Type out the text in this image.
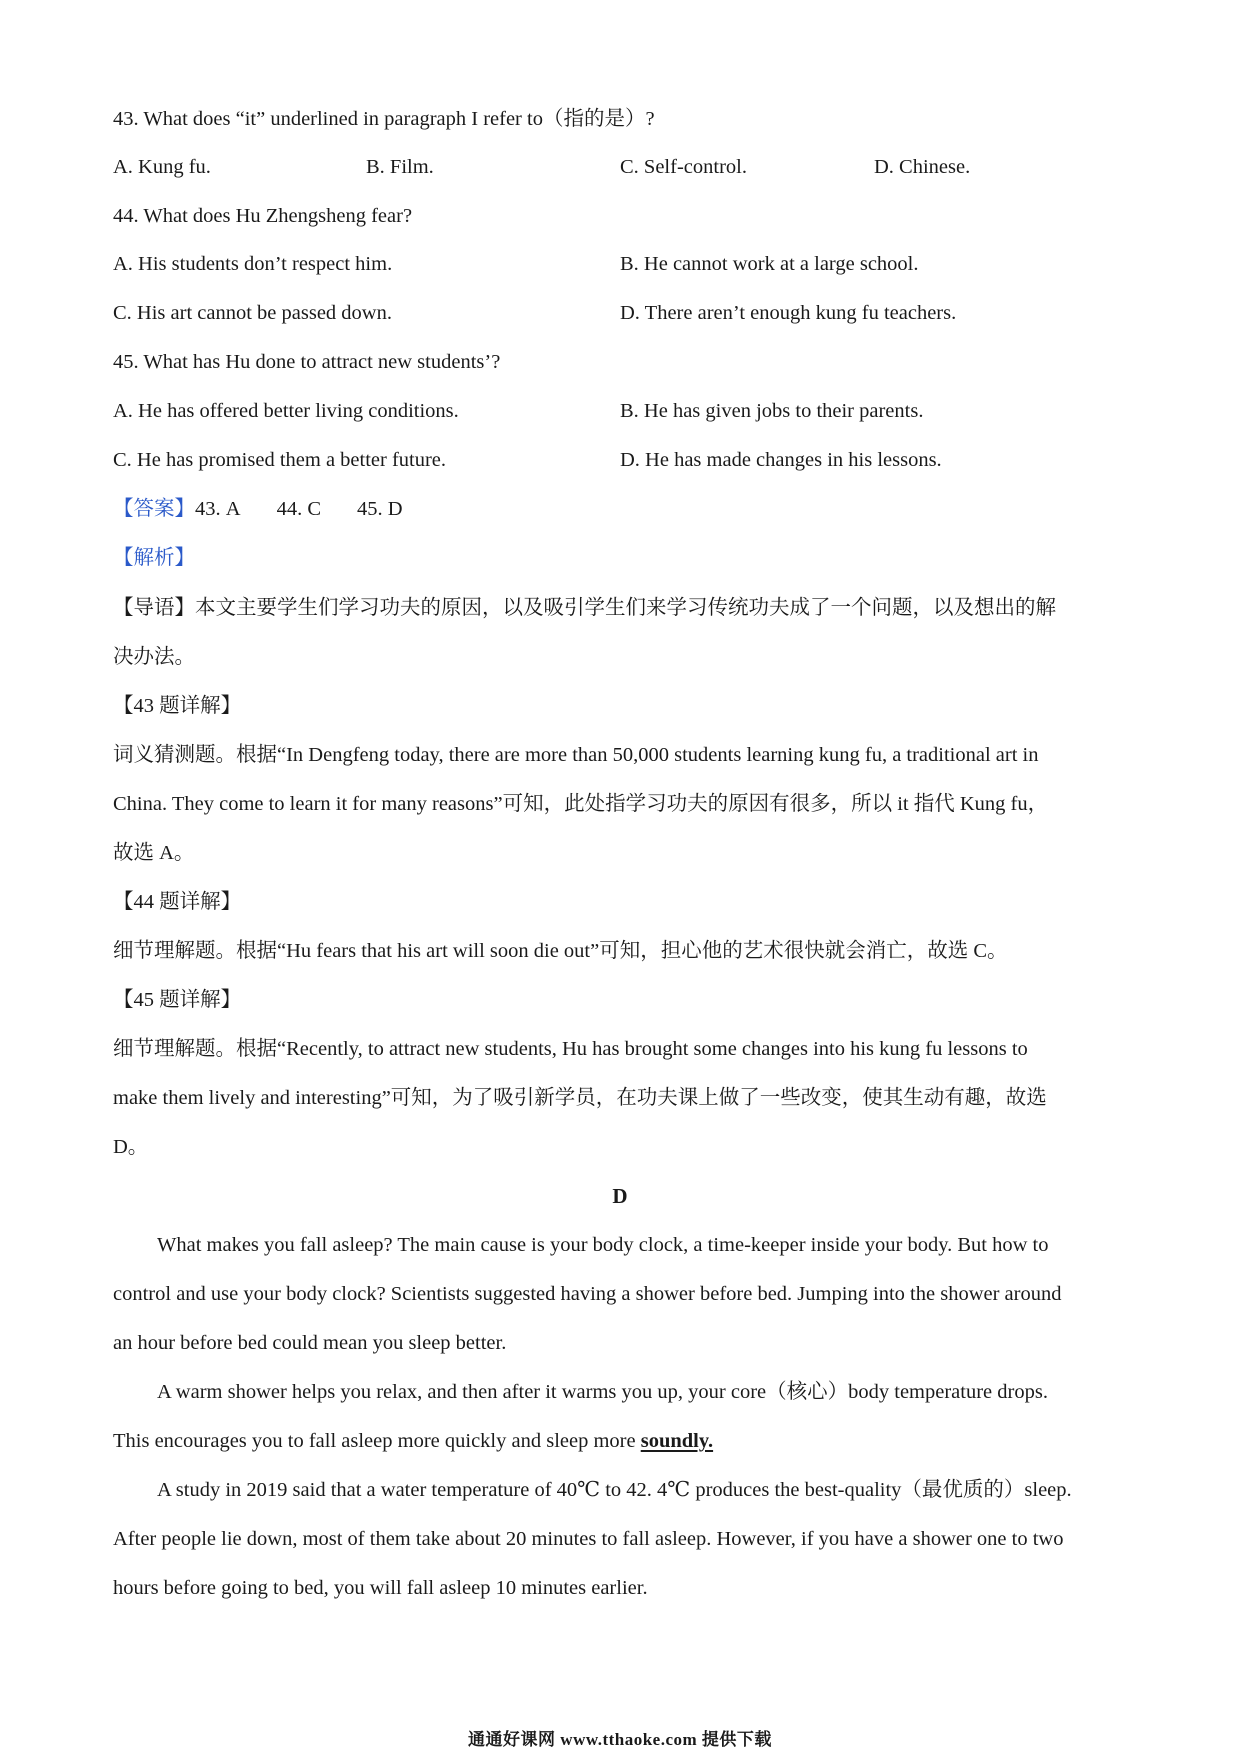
43. What does “it” underlined in paragraph I refer to（指的是）?
A. Kung fu.	B. Film.	C. Self-control.	D. Chinese.
44. What does Hu Zhengsheng fear?
A. His students don’t respect him.	B. He cannot work at a large school.
C. His art cannot be passed down.	D. There aren’t enough kung fu teachers.
45. What has Hu done to attract new students’?
A. He has offered better living conditions.	B. He has given jobs to their parents.
C. He has promised them a better future.	D. He has made changes in his lessons.
【答案】43. A 44. C 45. D
【解析】
【导语】本文主要学生们学习功夫的原因，以及吸引学生们来学习传统功夫成了一个问题，以及想出的解
决办法。
【43 题详解】
词义猜测题。根据“In Dengfeng today, there are more than 50,000 students learning kung fu, a traditional art in
China. They come to learn it for many reasons”可知，此处指学习功夫的原因有很多，所以 it 指代 Kung fu，
故选 A。
【44 题详解】
细节理解题。根据“Hu fears that his art will soon die out”可知，担心他的艺术很快就会消亡，故选 C。
【45 题详解】
细节理解题。根据“Recently, to attract new students, Hu has brought some changes into his kung fu lessons to
make them lively and interesting”可知，为了吸引新学员，在功夫课上做了一些改变，使其生动有趣，故选
D。
D
What makes you fall asleep? The main cause is your body clock, a time-keeper inside your body. But how to
control and use your body clock? Scientists suggested having a shower before bed. Jumping into the shower around
an hour before bed could mean you sleep better.
A warm shower helps you relax, and then after it warms you up, your core（核心）body temperature drops.
This encourages you to fall asleep more quickly and sleep more soundly.
A study in 2019 said that a water temperature of 40℃ to 42. 4℃ produces the best-quality（最优质的）sleep.
After people lie down, most of them take about 20 minutes to fall asleep. However, if you have a shower one to two
hours before going to bed, you will fall asleep 10 minutes earlier.
通通好课网 www.tthaoke.com 提供下载
